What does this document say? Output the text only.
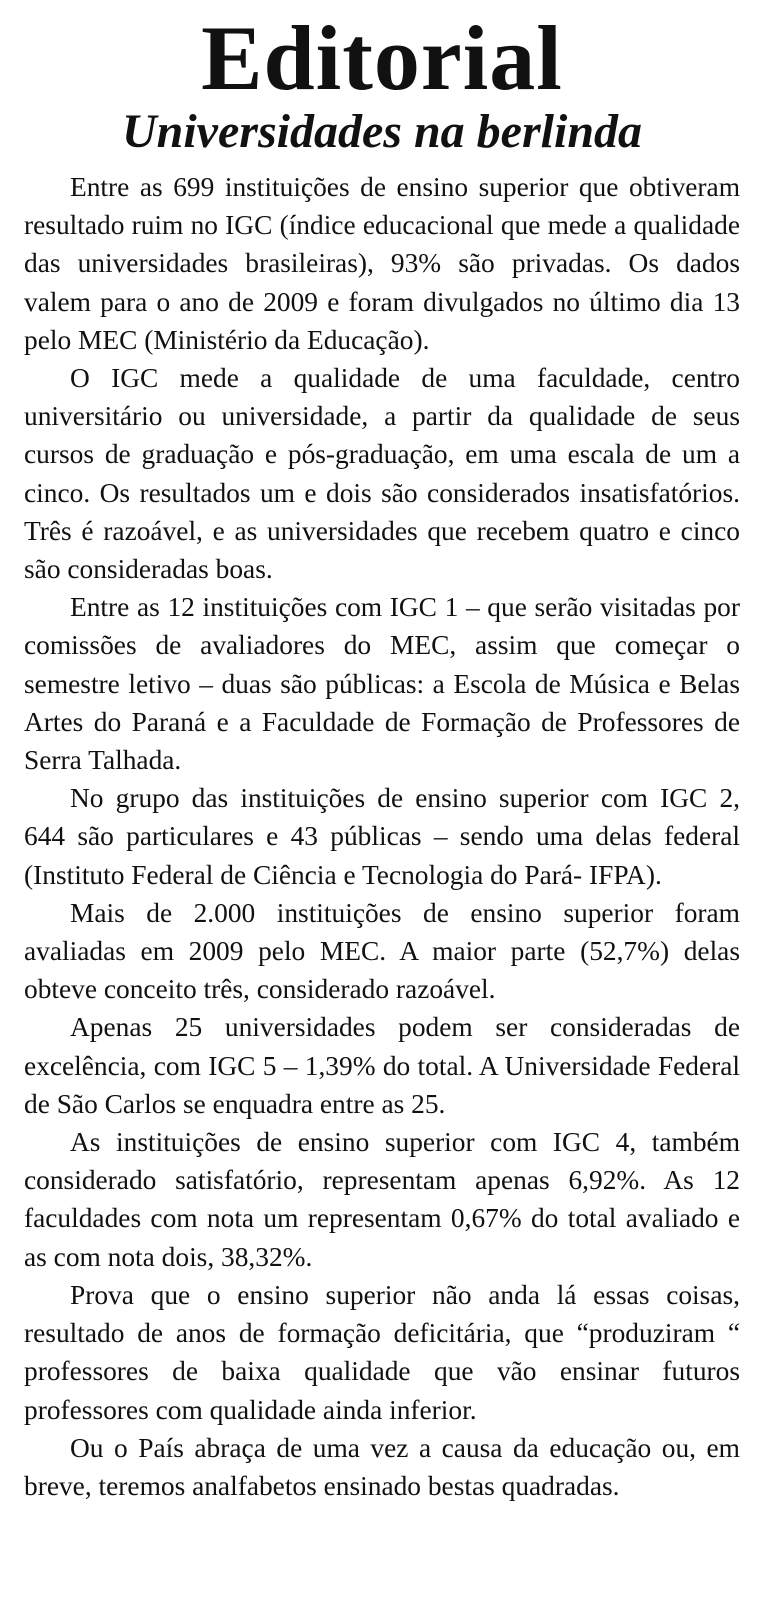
Editorial
Universidades na berlinda

Entre as 699 instituições de ensino superior que obtiveram resultado ruim no IGC (índice educacional que mede a qualidade das universidades brasileiras), 93% são privadas. Os dados valem para o ano de 2009 e foram divulgados no último dia 13 pelo MEC (Ministério da Educação).

O IGC mede a qualidade de uma faculdade, centro universitário ou universidade, a partir da qualidade de seus cursos de graduação e pós-graduação, em uma escala de um a cinco. Os resultados um e dois são considerados insatisfatórios. Três é razoável, e as universidades que recebem quatro e cinco são consideradas boas.

Entre as 12 instituições com IGC 1 – que serão visitadas por comissões de avaliadores do MEC, assim que começar o semestre letivo – duas são públicas: a Escola de Música e Belas Artes do Paraná e a Faculdade de Formação de Professores de Serra Talhada.

No grupo das instituições de ensino superior com IGC 2, 644 são particulares e 43 públicas – sendo uma delas federal (Instituto Federal de Ciência e Tecnologia do Pará- IFPA).

Mais de 2.000 instituições de ensino superior foram avaliadas em 2009 pelo MEC. A maior parte (52,7%) delas obteve conceito três, considerado razoável.

Apenas 25 universidades podem ser consideradas de excelência, com IGC 5 – 1,39% do total. A Universidade Federal de São Carlos se enquadra entre as 25.

As instituições de ensino superior com IGC 4, também considerado satisfatório, representam apenas 6,92%. As 12 faculdades com nota um representam 0,67% do total avaliado e as com nota dois, 38,32%.

Prova que o ensino superior não anda lá essas coisas, resultado de anos de formação deficitária, que “produziram “ professores de baixa qualidade que vão ensinar futuros professores com qualidade ainda inferior.

Ou o País abraça de uma vez a causa da educação ou, em breve, teremos analfabetos ensinado bestas quadradas.
